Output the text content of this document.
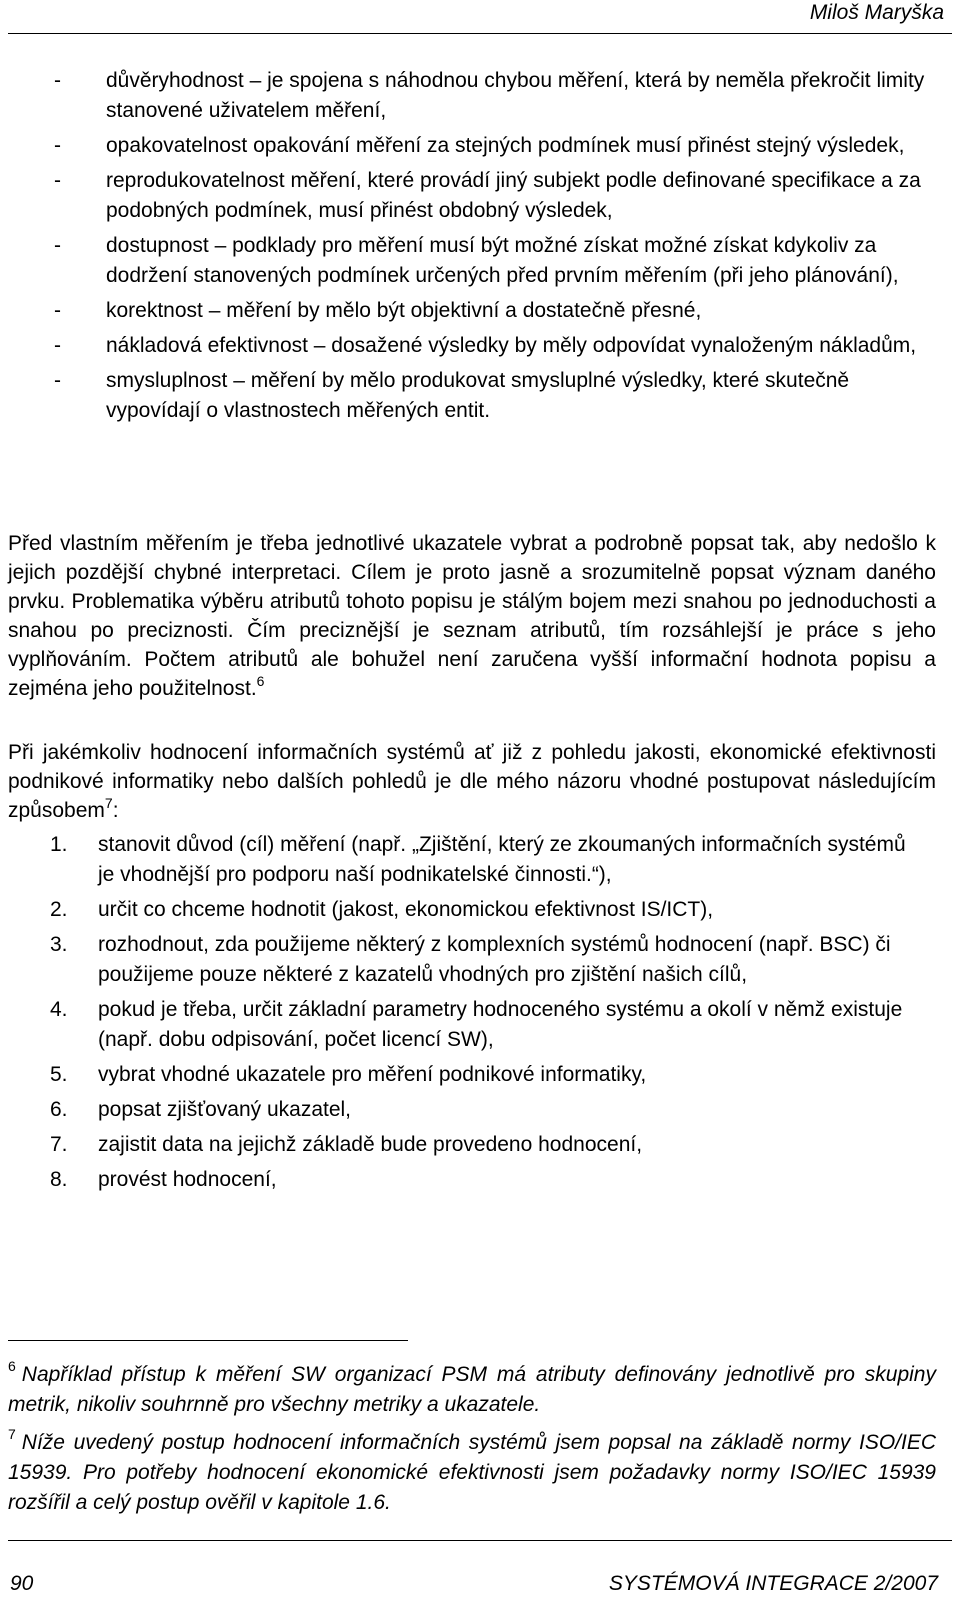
Miloš Maryška
- důvěryhodnost – je spojena s náhodnou chybou měření, která by neměla překročit limity stanovené uživatelem měření,
- opakovatelnost opakování měření za stejných podmínek musí přinést stejný výsledek,
- reprodukovatelnost měření, které provádí jiný subjekt podle definované specifikace a za podobných podmínek, musí přinést obdobný výsledek,
- dostupnost – podklady pro měření musí být možné získat možné získat kdykoliv za dodržení stanovených podmínek určených před prvním měřením (při jeho plánování),
- korektnost – měření by mělo být objektivní a dostatečně přesné,
- nákladová efektivnost – dosažené výsledky by měly odpovídat vynaloženým nákladům,
- smysluplnost – měření by mělo produkovat smysluplné výsledky, které skutečně vypovídají o vlastnostech měřených entit.

Před vlastním měřením je třeba jednotlivé ukazatele vybrat a podrobně popsat tak, aby nedošlo k jejich pozdější chybné interpretaci. Cílem je proto jasně a srozumitelně popsat význam daného prvku. Problematika výběru atributů tohoto popisu je stálým bojem mezi snahou po jednoduchosti a snahou po preciznosti. Čím preciznější je seznam atributů, tím rozsáhlejší je práce s jeho vyplňováním. Počtem atributů ale bohužel není zaručena vyšší informační hodnota popisu a zejména jeho použitelnost.$^6$

Při jakémkoliv hodnocení informačních systémů ať již z pohledu jakosti, ekonomické efektivnosti podnikové informatiky nebo dalších pohledů je dle mého názoru vhodné postupovat následujícím způsobem$^7$:

1. stanovit důvod (cíl) měření (např. „Zjištění, který ze zkoumaných informačních systémů je vhodnější pro podporu naší podnikatelské činnosti.“),
2. určit co chceme hodnotit (jakost, ekonomickou efektivnost IS/ICT),
3. rozhodnout, zda použijeme některý z komplexních systémů hodnocení (např. BSC) či použijeme pouze některé z kazatelů vhodných pro zjištění našich cílů,
4. pokud je třeba, určit základní parametry hodnoceného systému a okolí v němž existuje (např. dobu odpisování, počet licencí SW),
5. vybrat vhodné ukazatele pro měření podnikové informatiky,
6. popsat zjišťovaný ukazatel,
7. zajistit data na jejichž základě bude provedeno hodnocení,
8. provést hodnocení,

$^6$ Například přístup k měření SW organizací PSM má atributy definovány jednotlivě pro skupiny metrik, nikoliv souhrnně pro všechny metriky a ukazatele.

$^7$ Níže uvedený postup hodnocení informačních systémů jsem popsal na základě normy ISO/IEC 15939. Pro potřeby hodnocení ekonomické efektivnosti jsem požadavky normy ISO/IEC 15939 rozšířil a celý postup ověřil v kapitole 1.6.

90	SYSTÉMOVÁ INTEGRACE 2/2007
